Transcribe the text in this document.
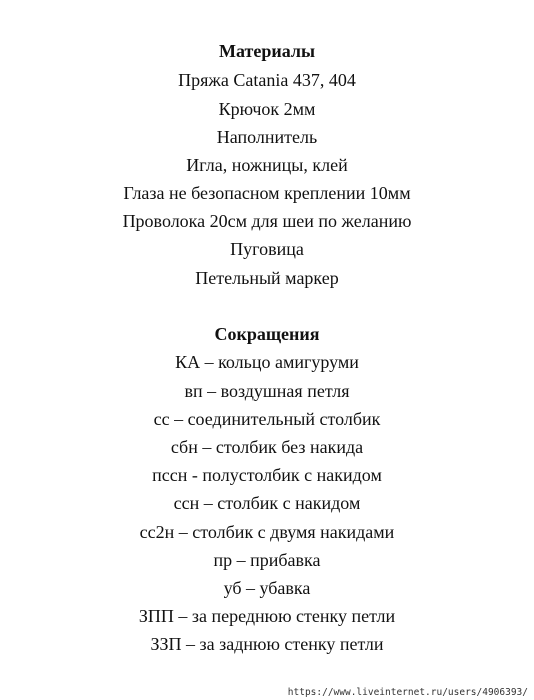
Материалы
Пряжа Catania 437, 404
Крючок 2мм
Наполнитель
Игла, ножницы, клей
Глаза не безопасном креплении 10мм
Проволока 20см для шеи по желанию
Пуговица
Петельный маркер
Сокращения
КА – кольцо амигуруми
вп – воздушная петля
сс – соединительный столбик
сбн – столбик без накида
пссн - полустолбик с накидом
ссн – столбик с накидом
сс2н – столбик с двумя накидами
пр – прибавка
уб – убавка
ЗПП – за переднюю стенку петли
ЗЗП – за заднюю стенку петли
https://www.liveinternet.ru/users/4906393/
